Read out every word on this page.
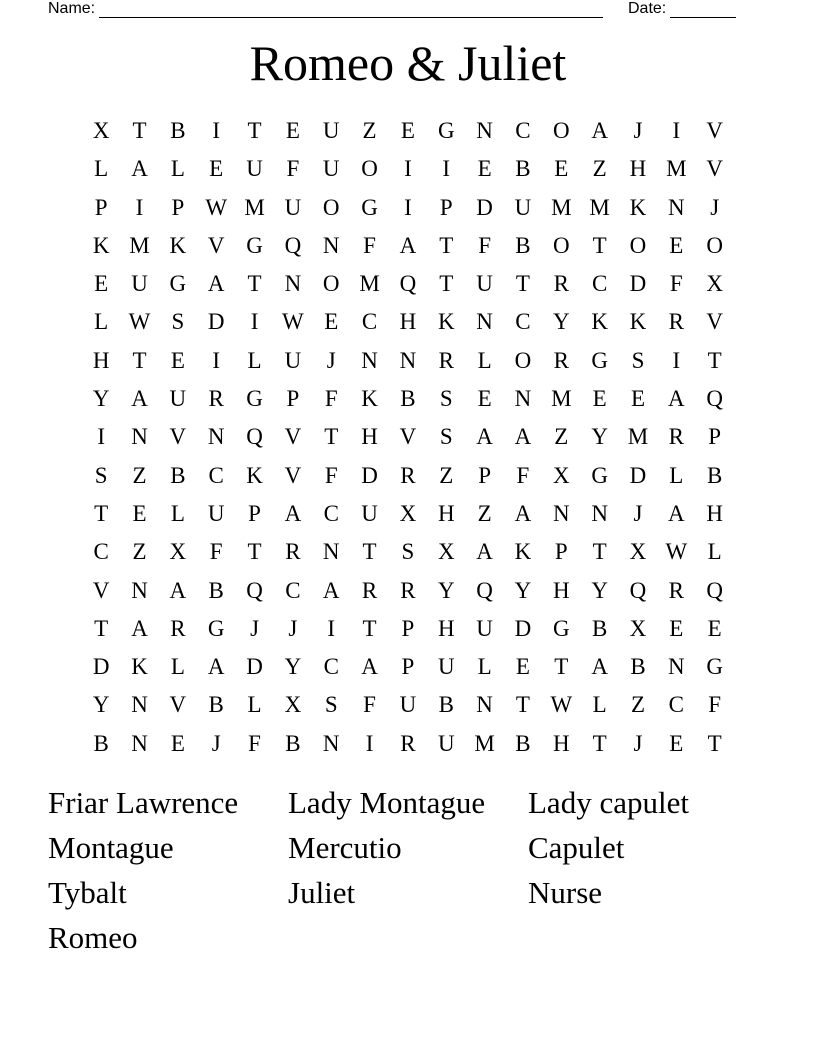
Name:	Date:
Romeo & Juliet
X	T	B	I	T	E	U	Z	E	G N C O A	J	I	V
L	A	L	E	U	F	U O	I	I	E	B	E	Z	H M V
P	I	P W M U O G	I	P	D U M M K N	J
K M K V G Q N	F	A	T	F	B O	T	O	E	O
E	U G A	T	N O M Q	T	U	T	R	C D	F	X
L W S	D	I	W E	C H K N C Y K K R V
H	T	E	I	L	U	J	N N R	L	O R G	S	I	T
Y A U R G	P	F	K B	S	E	N M E	E	A Q
I	N V N Q V	T	H V	S	A A	Z	Y M R	P
S	Z	B	C K V	F	D R	Z	P	F	X G D	L	B
T	E	L	U	P	A C U X H	Z	A N N	J	A H
C	Z	X	F	T	R N	T	S	X A K	P	T	X W L
V N A B Q C A R	R Y Q Y H Y Q R Q
T	A R G	J	J	I	T	P	H U D G B X	E	E
D K	L	A D Y C A	P	U	L	E	T	A B N G
Y N V B	L	X	S	F	U B N	T W L	Z	C	F
B N	E	J	F	B N	I	R U M B H	T	J	E	T
Friar Lawrence	Lady Montague	Lady capulet
Montague	Mercutio	Capulet
Tybalt	Juliet	Nurse
Romeo
